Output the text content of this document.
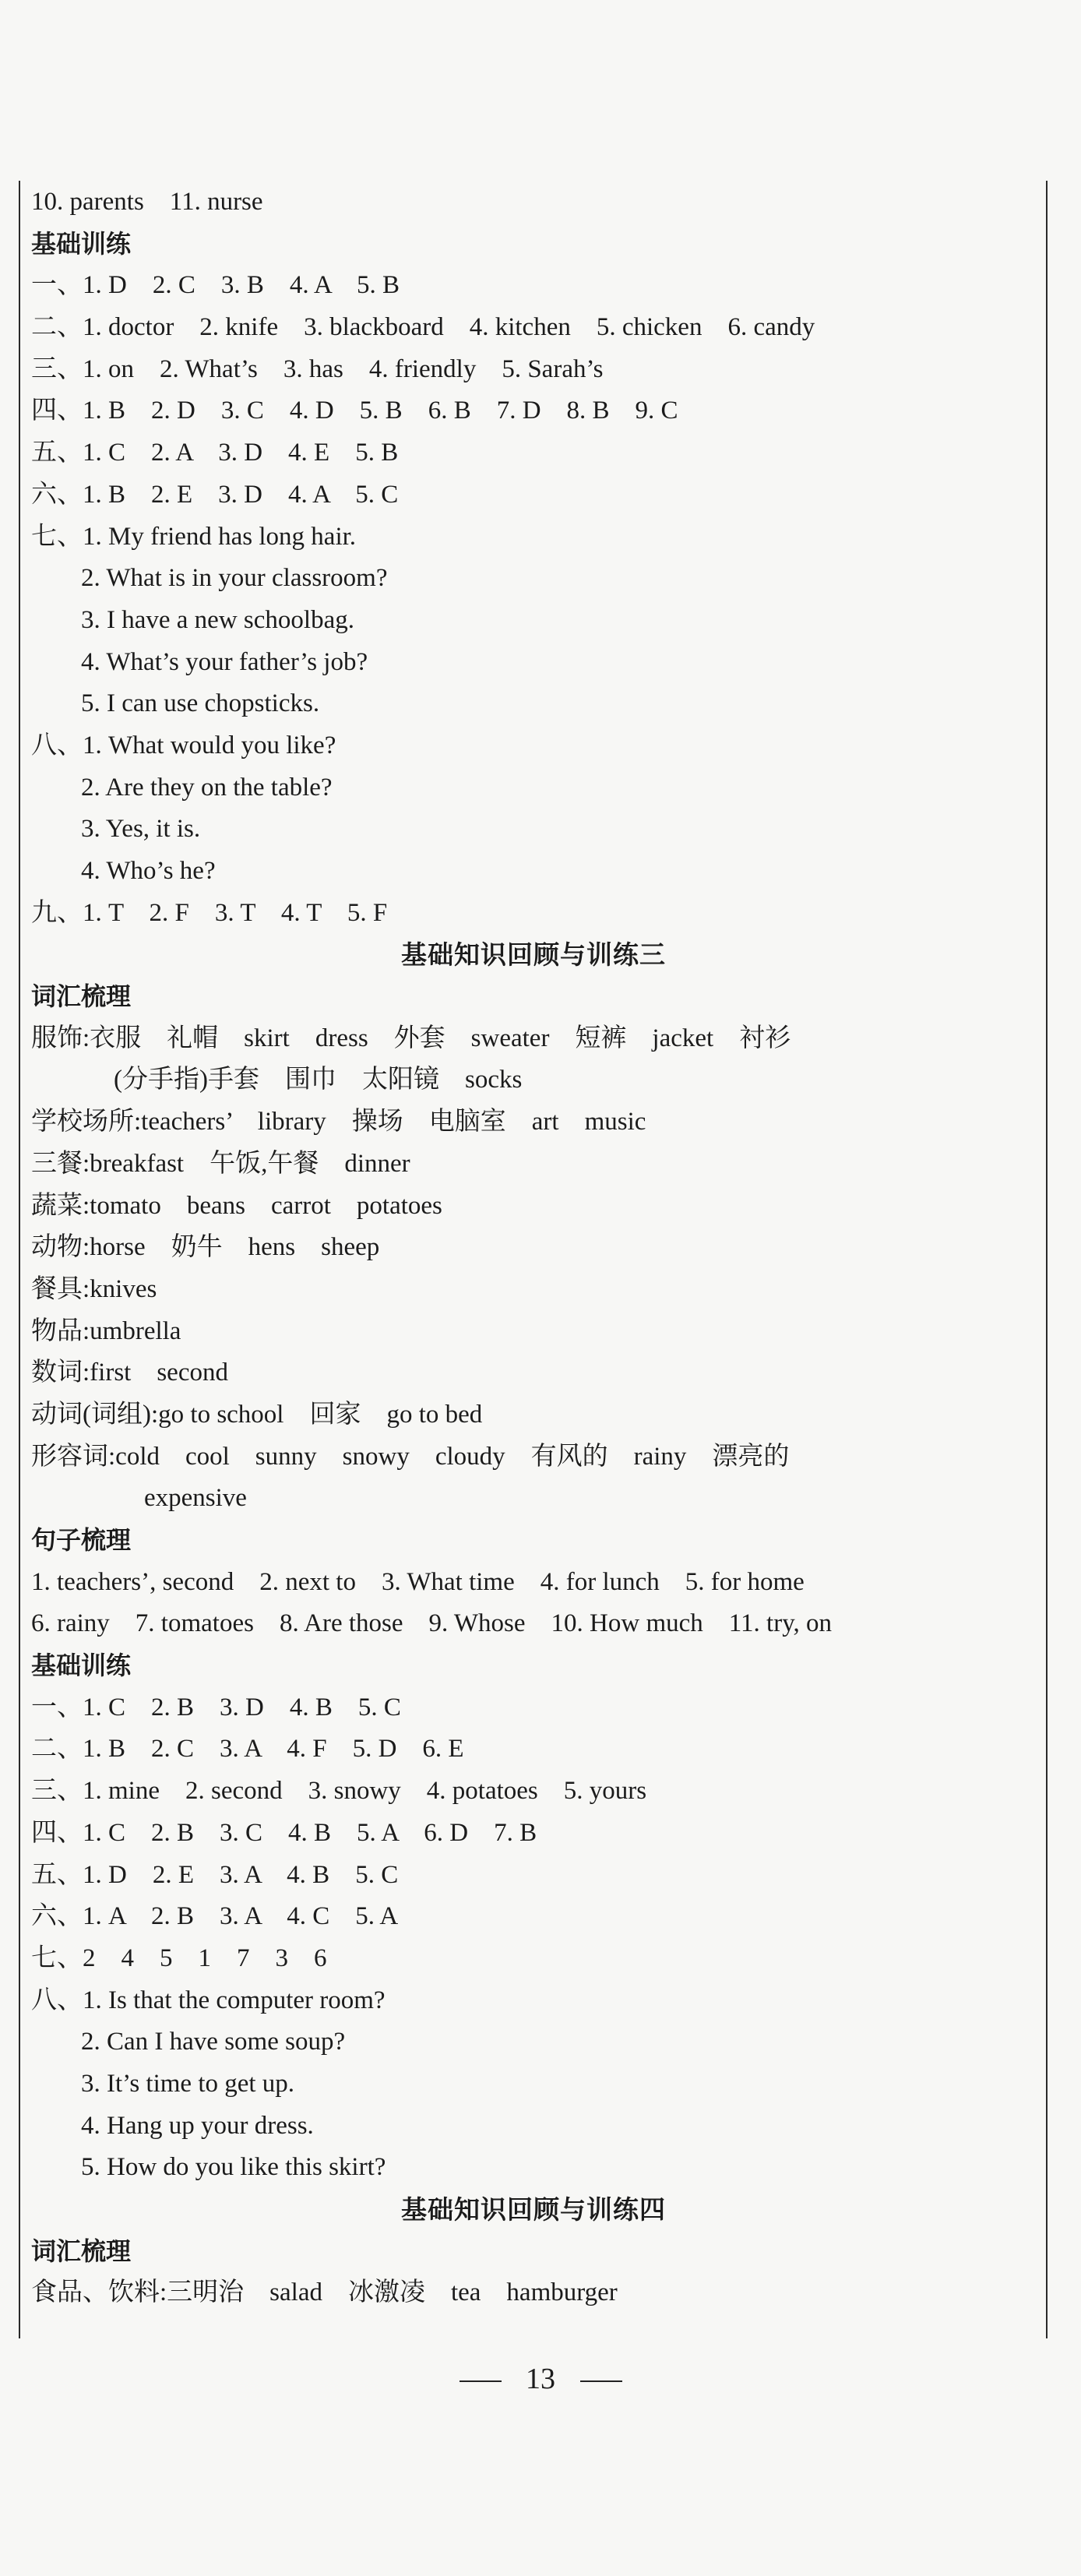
10. parents    11. nurse
基础训练
一、1. D    2. C    3. B    4. A    5. B
二、1. doctor    2. knife    3. blackboard    4. kitchen    5. chicken    6. candy
三、1. on    2. What’s    3. has    4. friendly    5. Sarah’s
四、1. B    2. D    3. C    4. D    5. B    6. B    7. D    8. B    9. C
五、1. C    2. A    3. D    4. E    5. B
六、1. B    2. E    3. D    4. A    5. C
七、1. My friend has long hair.
2. What is in your classroom?
3. I have a new schoolbag.
4. What’s your father’s job?
5. I can use chopsticks.
八、1. What would you like?
2. Are they on the table?
3. Yes, it is.
4. Who’s he?
九、1. T    2. F    3. T    4. T    5. F
基础知识回顾与训练三
词汇梳理
服饰:衣服    礼帽    skirt    dress    外套    sweater    短裤    jacket    衬衫
(分手指)手套    围巾    太阳镜    socks
学校场所:teachers’    library    操场    电脑室    art    music
三餐:breakfast    午饭,午餐    dinner
蔬菜:tomato    beans    carrot    potatoes
动物:horse    奶牛    hens    sheep
餐具:knives
物品:umbrella
数词:first    second
动词(词组):go to school    回家    go to bed
形容词:cold    cool    sunny    snowy    cloudy    有风的    rainy    漂亮的
expensive
句子梳理
1. teachers’, second    2. next to    3. What time    4. for lunch    5. for home
6. rainy    7. tomatoes    8. Are those    9. Whose    10. How much    11. try, on
基础训练
一、1. C    2. B    3. D    4. B    5. C
二、1. B    2. C    3. A    4. F    5. D    6. E
三、1. mine    2. second    3. snowy    4. potatoes    5. yours
四、1. C    2. B    3. C    4. B    5. A    6. D    7. B
五、1. D    2. E    3. A    4. B    5. C
六、1. A    2. B    3. A    4. C    5. A
七、2    4    5    1    7    3    6
八、1. Is that the computer room?
2. Can I have some soup?
3. It’s time to get up.
4. Hang up your dress.
5. How do you like this skirt?
基础知识回顾与训练四
词汇梳理
食品、饮料:三明治    salad    冰激凌    tea    hamburger
13
